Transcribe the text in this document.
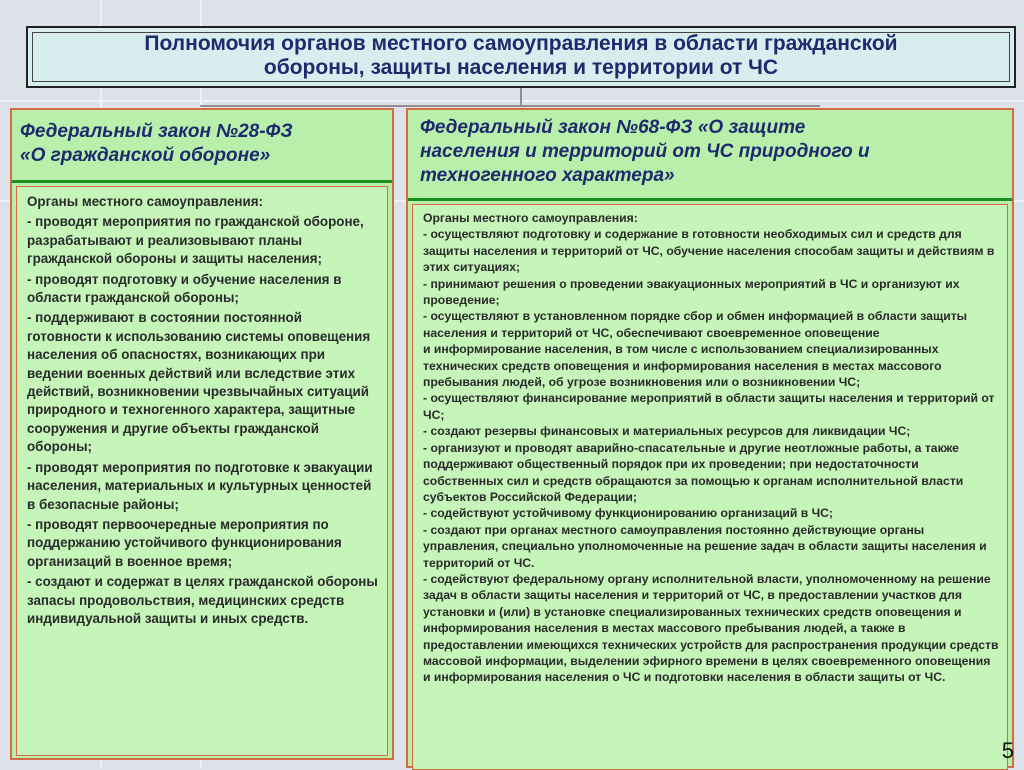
Полномочия органов местного самоуправления в области гражданской
обороны, защиты населения и территории от ЧС
Федеральный закон №28-ФЗ
«О гражданской обороне»

Органы местного самоуправления:

- проводят мероприятия по гражданской обороне, разрабатывают и реализовывают планы гражданской обороны и защиты населения;

- проводят подготовку и обучение населения в области гражданской обороны;

- поддерживают в состоянии постоянной готовности к использованию системы оповещения населения об опасностях, возникающих при ведении военных действий или вследствие этих действий, возникновении чрезвычайных ситуаций природного и техногенного характера, защитные сооружения и другие объекты гражданской обороны;

- проводят мероприятия по подготовке к эвакуации населения, материальных и культурных ценностей в безопасные районы;

- проводят первоочередные мероприятия по поддержанию устойчивого функционирования организаций в военное время;

- создают и содержат в целях гражданской обороны запасы продовольствия, медицинских средств индивидуальной защиты и иных средств.

Федеральный закон №68-ФЗ «О защите
населения и территорий от ЧС природного и
техногенного характера»

Органы местного самоуправления:

- осуществляют подготовку и содержание в готовности необходимых сил и средств для защиты населения и территорий от ЧС, обучение населения способам защиты и действиям в этих ситуациях;

- принимают решения о проведении эвакуационных мероприятий в ЧС и организуют их проведение;

- осуществляют в установленном порядке сбор и обмен информацией в области защиты населения и территорий от ЧС, обеспечивают своевременное оповещение

и информирование населения, в том числе с использованием специализированных технических средств оповещения и информирования населения в местах массового пребывания людей, об угрозе возникновения или о возникновении ЧС;

- осуществляют финансирование мероприятий в области защиты населения и территорий от ЧС;

- создают резервы финансовых и материальных ресурсов для ликвидации ЧС;

- организуют и проводят аварийно-спасательные и другие неотложные работы, а также поддерживают общественный порядок при их проведении; при недостаточности собственных сил и средств обращаются за помощью к органам исполнительной власти субъектов Российской Федерации;

- содействуют устойчивому функционированию организаций в ЧС;

- создают при органах местного самоуправления постоянно действующие органы управления, специально уполномоченные на решение задач в области защиты населения и территорий от ЧС.

- содействуют федеральному органу исполнительной власти, уполномоченному на решение задач в области защиты населения и территорий от ЧС, в предоставлении участков для установки и (или) в установке специализированных технических средств оповещения и информирования населения в местах массового пребывания людей, а также в предоставлении имеющихся технических устройств для распространения продукции средств массовой информации, выделении эфирного времени в целях своевременного оповещения и информирования населения о ЧС и подготовки населения в области защиты от ЧС.

5
